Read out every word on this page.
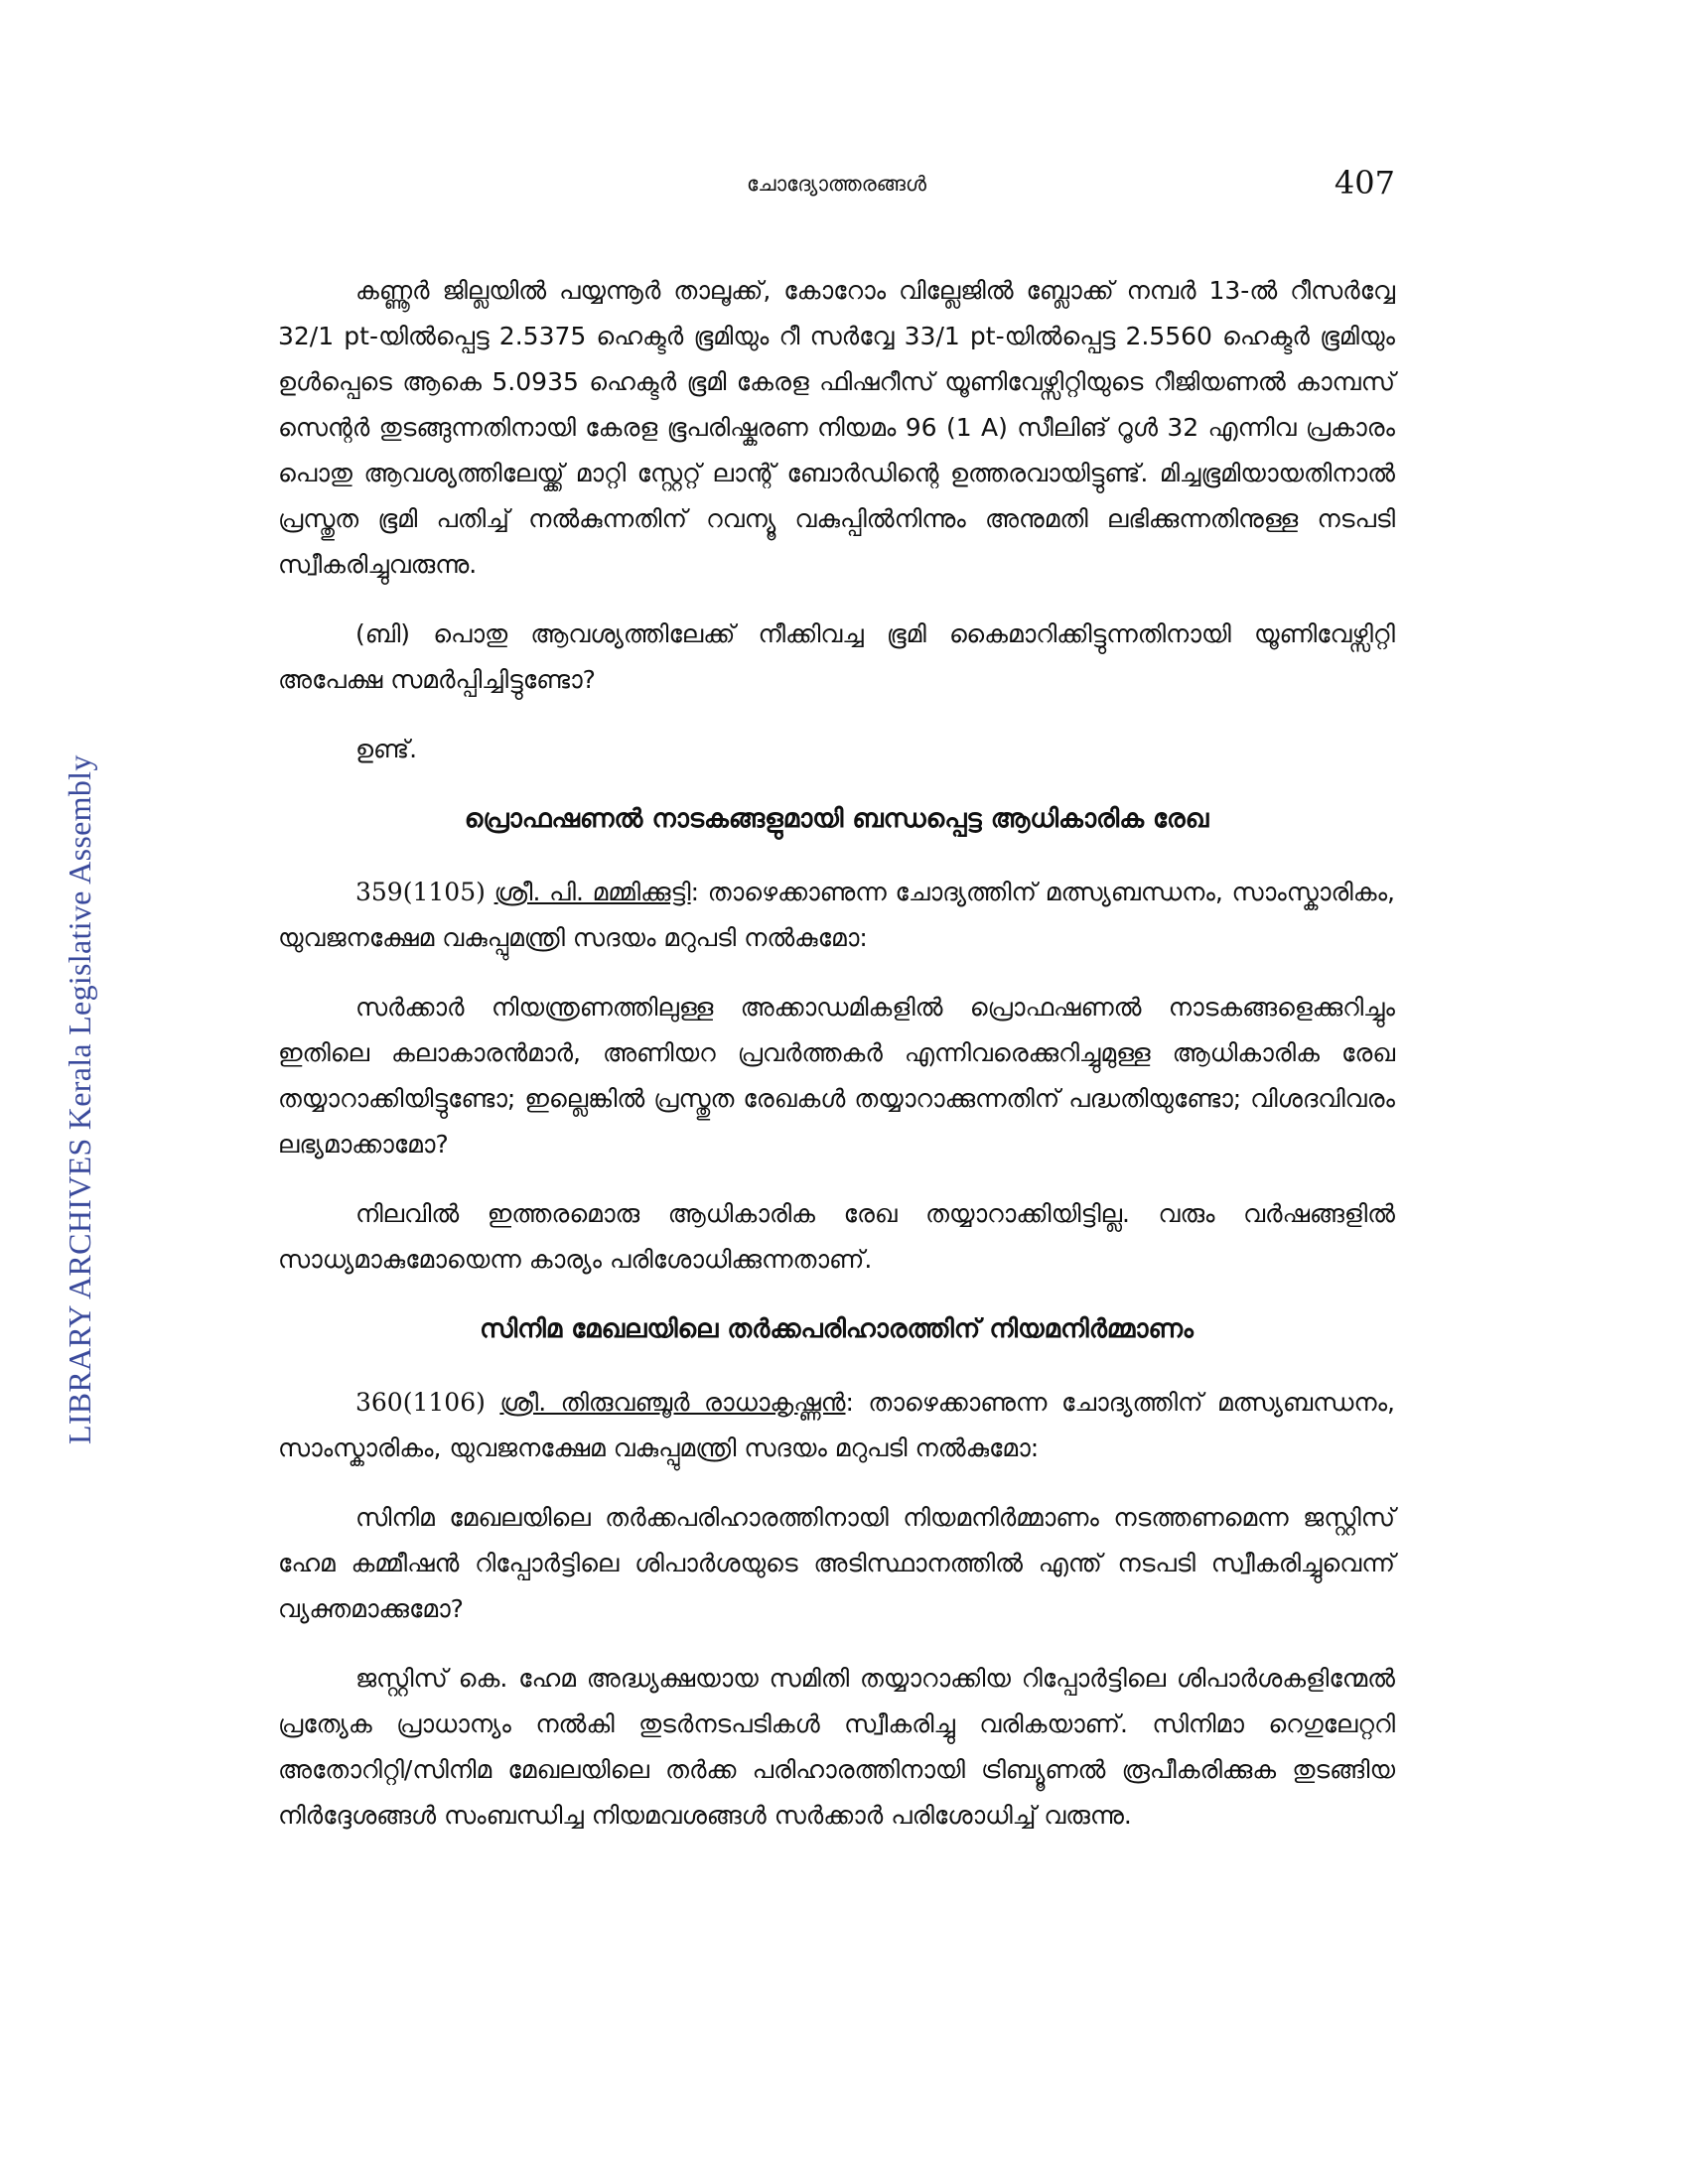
ചോദ്യോത്തരങ്ങൾ	407
LIBRARY ARCHIVES Kerala Legislative Assembly

കണ്ണൂർ ജില്ലയിൽ പയ്യന്നൂർ താലൂക്ക്, കോറോം വില്ലേജിൽ ബ്ലോക്ക് നമ്പർ 13-ൽ റീസർവ്വേ 32/1 pt-യിൽപ്പെട്ട 2.5375 ഹെക്ടർ ഭൂമിയും റീ സർവ്വേ 33/1 pt-യിൽപ്പെട്ട 2.5560 ഹെക്ടർ ഭൂമിയും ഉൾപ്പെടെ ആകെ 5.0935 ഹെക്ടർ ഭൂമി കേരള ഫിഷറീസ് യൂണിവേഴ്സിറ്റിയുടെ റീജിയണൽ കാമ്പസ് സെന്റർ തുടങ്ങുന്നതിനായി കേരള ഭൂപരിഷ്കരണ നിയമം 96 (1 A) സീലിങ് റൂൾ 32 എന്നിവ പ്രകാരം പൊതു ആവശ്യത്തിലേയ്ക്ക് മാറ്റി സ്റ്റേറ്റ് ലാന്റ് ബോർഡിന്റെ ഉത്തരവായിട്ടുണ്ട്. മിച്ചഭൂമിയായതിനാൽ പ്രസ്തുത ഭൂമി പതിച്ച് നൽകുന്നതിന് റവന്യൂ വകുപ്പിൽനിന്നും അനുമതി ലഭിക്കുന്നതിനുള്ള നടപടി സ്വീകരിച്ചുവരുന്നു.

(ബി) പൊതു ആവശ്യത്തിലേക്ക് നീക്കിവച്ച ഭൂമി കൈമാറിക്കിട്ടുന്നതിനായി യൂണിവേഴ്സിറ്റി അപേക്ഷ സമർപ്പിച്ചിട്ടുണ്ടോ?

ഉണ്ട്.

പ്രൊഫഷണൽ നാടകങ്ങളുമായി ബന്ധപ്പെട്ട ആധികാരിക രേഖ

359(1105) ശ്രീ. പി. മമ്മിക്കുട്ടി: താഴെക്കാണുന്ന ചോദ്യത്തിന് മത്സ്യബന്ധനം, സാംസ്കാരികം, യുവജനക്ഷേമ വകുപ്പുമന്ത്രി സദയം മറുപടി നൽകുമോ:

സർക്കാർ നിയന്ത്രണത്തിലുള്ള അക്കാഡമികളിൽ പ്രൊഫഷണൽ നാടകങ്ങളെക്കുറിച്ചും ഇതിലെ കലാകാരൻമാർ, അണിയറ പ്രവർത്തകർ എന്നിവരെക്കുറിച്ചുമുള്ള ആധികാരിക രേഖ തയ്യാറാക്കിയിട്ടുണ്ടോ; ഇല്ലെങ്കിൽ പ്രസ്തുത രേഖകൾ തയ്യാറാക്കുന്നതിന് പദ്ധതിയുണ്ടോ; വിശദവിവരം ലഭ്യമാക്കാമോ?

നിലവിൽ ഇത്തരമൊരു ആധികാരിക രേഖ തയ്യാറാക്കിയിട്ടില്ല. വരും വർഷങ്ങളിൽ സാധ്യമാകുമോയെന്ന കാര്യം പരിശോധിക്കുന്നതാണ്.

സിനിമ മേഖലയിലെ തർക്കപരിഹാരത്തിന് നിയമനിർമ്മാണം

360(1106) ശ്രീ. തിരുവഞ്ചൂർ രാധാകൃഷ്ണൻ: താഴെക്കാണുന്ന ചോദ്യത്തിന് മത്സ്യബന്ധനം, സാംസ്കാരികം, യുവജനക്ഷേമ വകുപ്പുമന്ത്രി സദയം മറുപടി നൽകുമോ:

സിനിമ മേഖലയിലെ തർക്കപരിഹാരത്തിനായി നിയമനിർമ്മാണം നടത്തണമെന്ന ജസ്റ്റിസ് ഹേമ കമ്മീഷൻ റിപ്പോർട്ടിലെ ശിപാർശയുടെ അടിസ്ഥാനത്തിൽ എന്ത് നടപടി സ്വീകരിച്ചുവെന്ന് വ്യക്തമാക്കുമോ?

ജസ്റ്റിസ് കെ. ഹേമ അദ്ധ്യക്ഷയായ സമിതി തയ്യാറാക്കിയ റിപ്പോർട്ടിലെ ശിപാർശകളിന്മേൽ പ്രത്യേക പ്രാധാന്യം നൽകി തുടർനടപടികൾ സ്വീകരിച്ചു വരികയാണ്. സിനിമാ റെഗുലേറ്ററി അതോറിറ്റി/സിനിമ മേഖലയിലെ തർക്ക പരിഹാരത്തിനായി ട്രിബ്യൂണൽ രൂപീകരിക്കുക തുടങ്ങിയ നിർദ്ദേശങ്ങൾ സംബന്ധിച്ച നിയമവശങ്ങൾ സർക്കാർ പരിശോധിച്ച് വരുന്നു.
